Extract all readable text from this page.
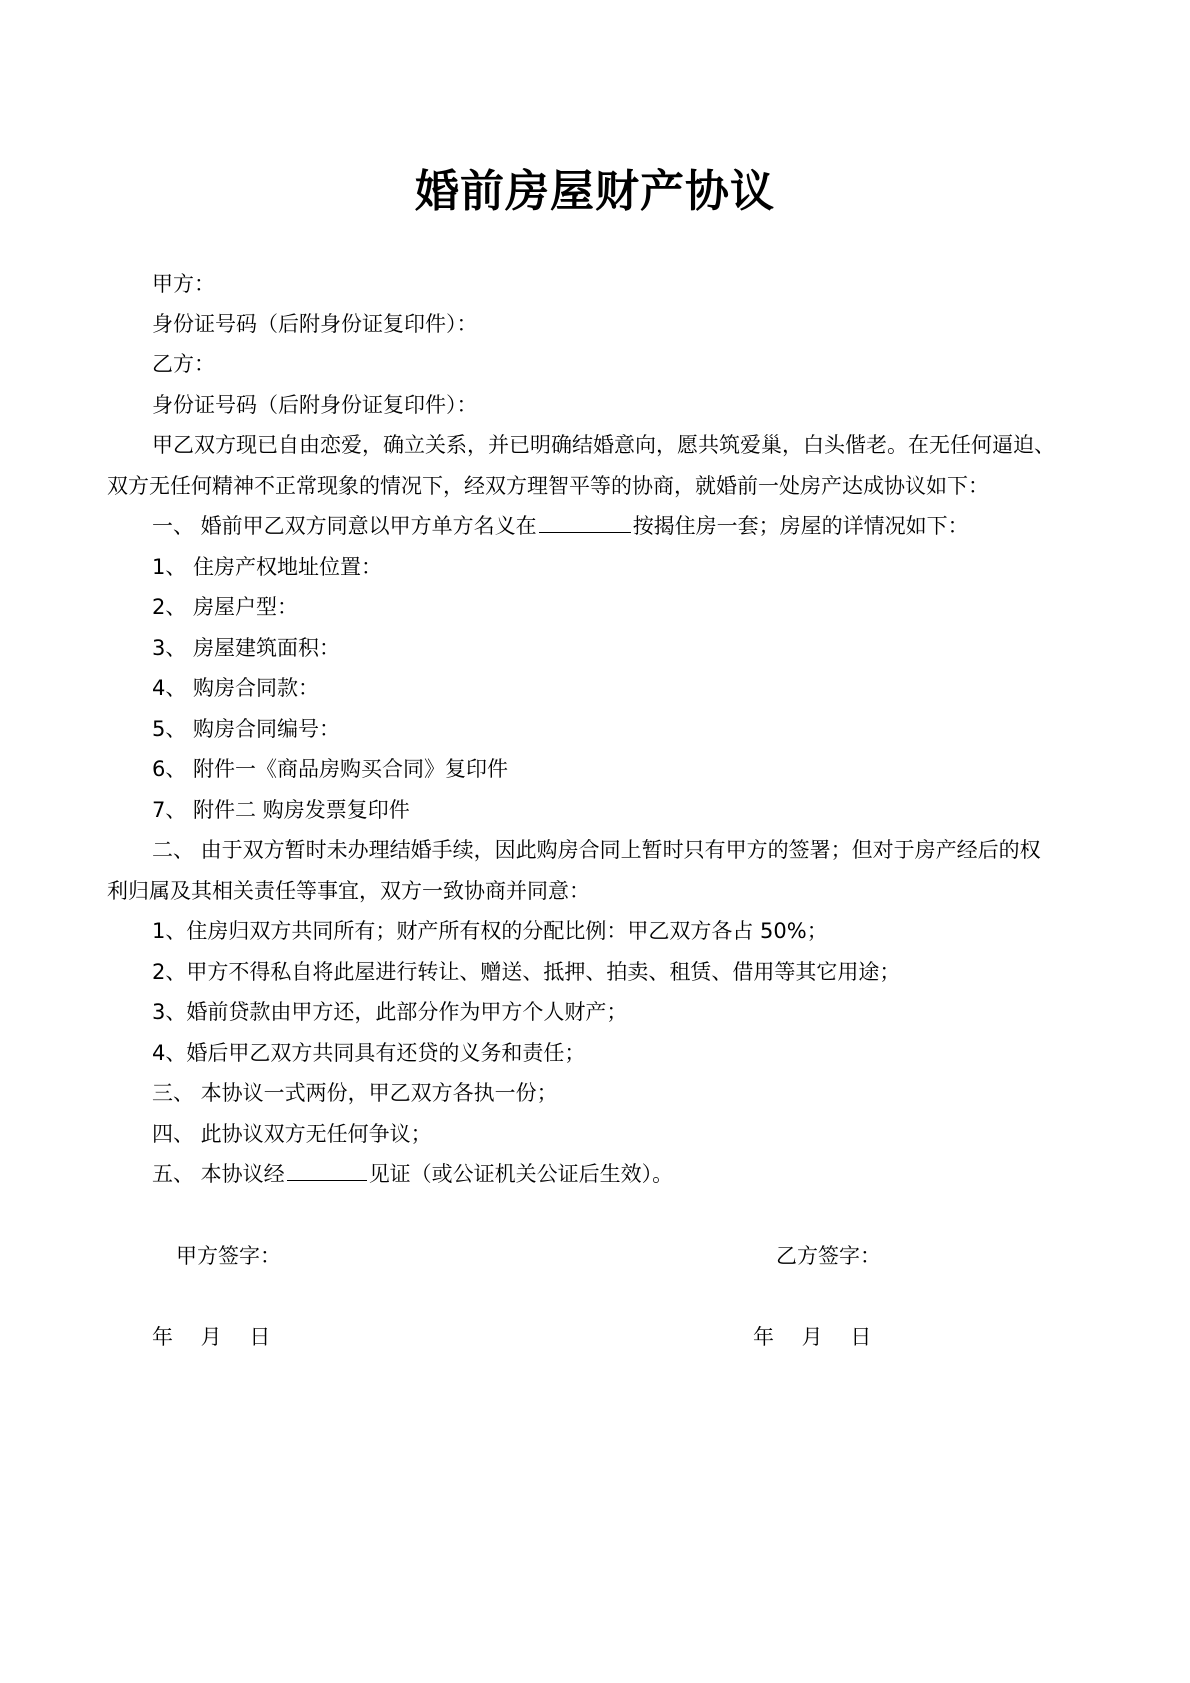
婚前房屋财产协议
甲方：
身份证号码（后附身份证复印件）：
乙方：
身份证号码（后附身份证复印件）：
甲乙双方现已自由恋爱，确立关系，并已明确结婚意向，愿共筑爱巢，白头偕老。在无任何逼迫、
双方无任何精神不正常现象的情况下，经双方理智平等的协商，就婚前一处房产达成协议如下：
一、 婚前甲乙双方同意以甲方单方名义在	按揭住房一套；房屋的详情况如下：
1、 住房产权地址位置：
2、 房屋户型：
3、 房屋建筑面积：
4、 购房合同款：
5、 购房合同编号：
6、 附件一《商品房购买合同》复印件
7、 附件二 购房发票复印件
二、 由于双方暂时未办理结婚手续，因此购房合同上暂时只有甲方的签署；但对于房产经后的权
利归属及其相关责任等事宜，双方一致协商并同意：
1、住房归双方共同所有；财产所有权的分配比例：甲乙双方各占 50%；
2、甲方不得私自将此屋进行转让、赠送、抵押、拍卖、租赁、借用等其它用途；
3、婚前贷款由甲方还，此部分作为甲方个人财产；
4、婚后甲乙双方共同具有还贷的义务和责任；
三、 本协议一式两份，甲乙双方各执一份；
四、 此协议双方无任何争议；
五、 本协议经	见证（或公证机关公证后生效）。
甲方签字：	乙方签字：
年　 月　 日	年　 月　 日
